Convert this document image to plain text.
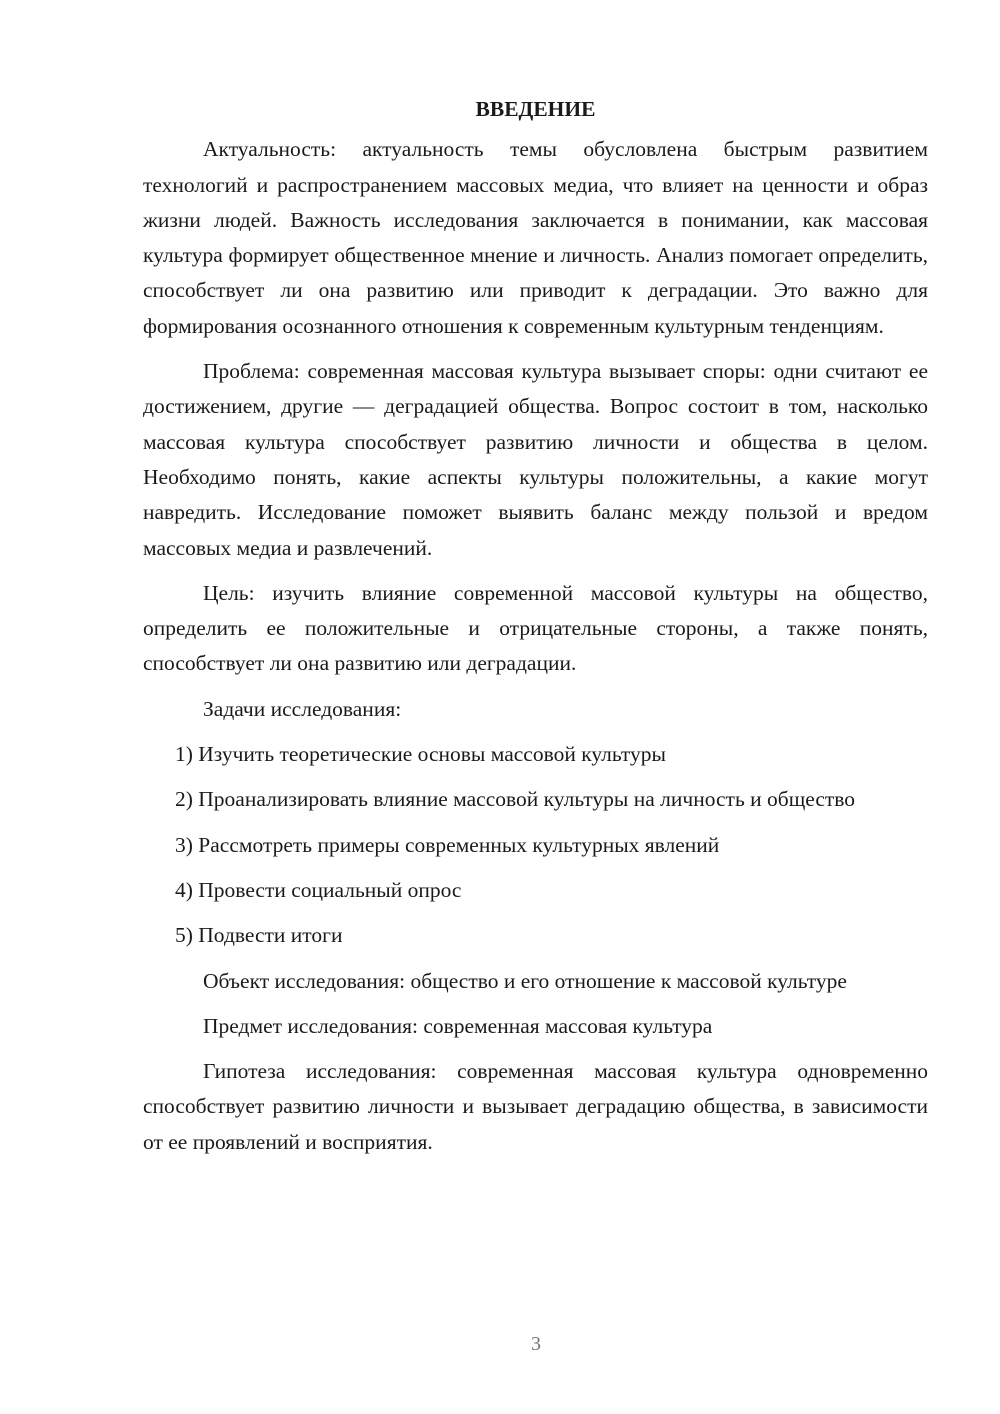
ВВЕДЕНИЕ

Актуальность: актуальность темы обусловлена быстрым развитием технологий и распространением массовых медиа, что влияет на ценности и образ жизни людей. Важность исследования заключается в понимании, как массовая культура формирует общественное мнение и личность. Анализ помогает определить, способствует ли она развитию или приводит к деградации. Это важно для формирования осознанного отношения к современным культурным тенденциям.

Проблема: современная массовая культура вызывает споры: одни считают ее достижением, другие — деградацией общества. Вопрос состоит в том, насколько массовая культура способствует развитию личности и общества в целом. Необходимо понять, какие аспекты культуры положительны, а какие могут навредить. Исследование поможет выявить баланс между пользой и вредом массовых медиа и развлечений.

Цель: изучить влияние современной массовой культуры на общество, определить ее положительные и отрицательные стороны, а также понять, способствует ли она развитию или деградации.

Задачи исследования:

1) Изучить теоретические основы массовой культуры

2) Проанализировать влияние массовой культуры на личность и общество

3) Рассмотреть примеры современных культурных явлений

4) Провести социальный опрос

5) Подвести итоги

Объект исследования: общество и его отношение к массовой культуре

Предмет исследования: современная массовая культура

Гипотеза исследования: современная массовая культура одновременно способствует развитию личности и вызывает деградацию общества, в зависимости от ее проявлений и восприятия.

3
